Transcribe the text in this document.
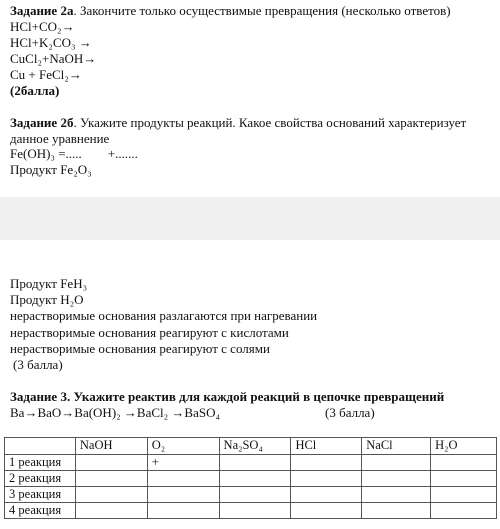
Задание 2а. Закончите только осуществимые превращения (несколько ответов)
HCl+CO₂→
HCl+K₂CO₃ →
CuCl₂+NaOH→
Cu + FeCl₂→
(2балла)
Задание 2б. Укажите продукты реакций. Какое свойства оснований характеризует
данное уравнение
Fe(OH)₃ =.....        +.......
Продукт Fe₂O₃
Продукт FeH₃
Продукт H₂O
нерастворимые основания разлагаются при нагревании
нерастворимые основания реагируют с кислотами
нерастворимые основания реагируют с солями
(3 балла)
Задание 3. Укажите реактив для каждой реакций в цепочке превращений
Ba→BaO→Ba(OH)₂ →BaCl₂ →BaSO₄	(3 балла)
	NaOH	O₂	Na₂SO₄	HCl	NaCl	H₂O
1 реакция		+				
2 реакция						
3 реакция						
4 реакция						
